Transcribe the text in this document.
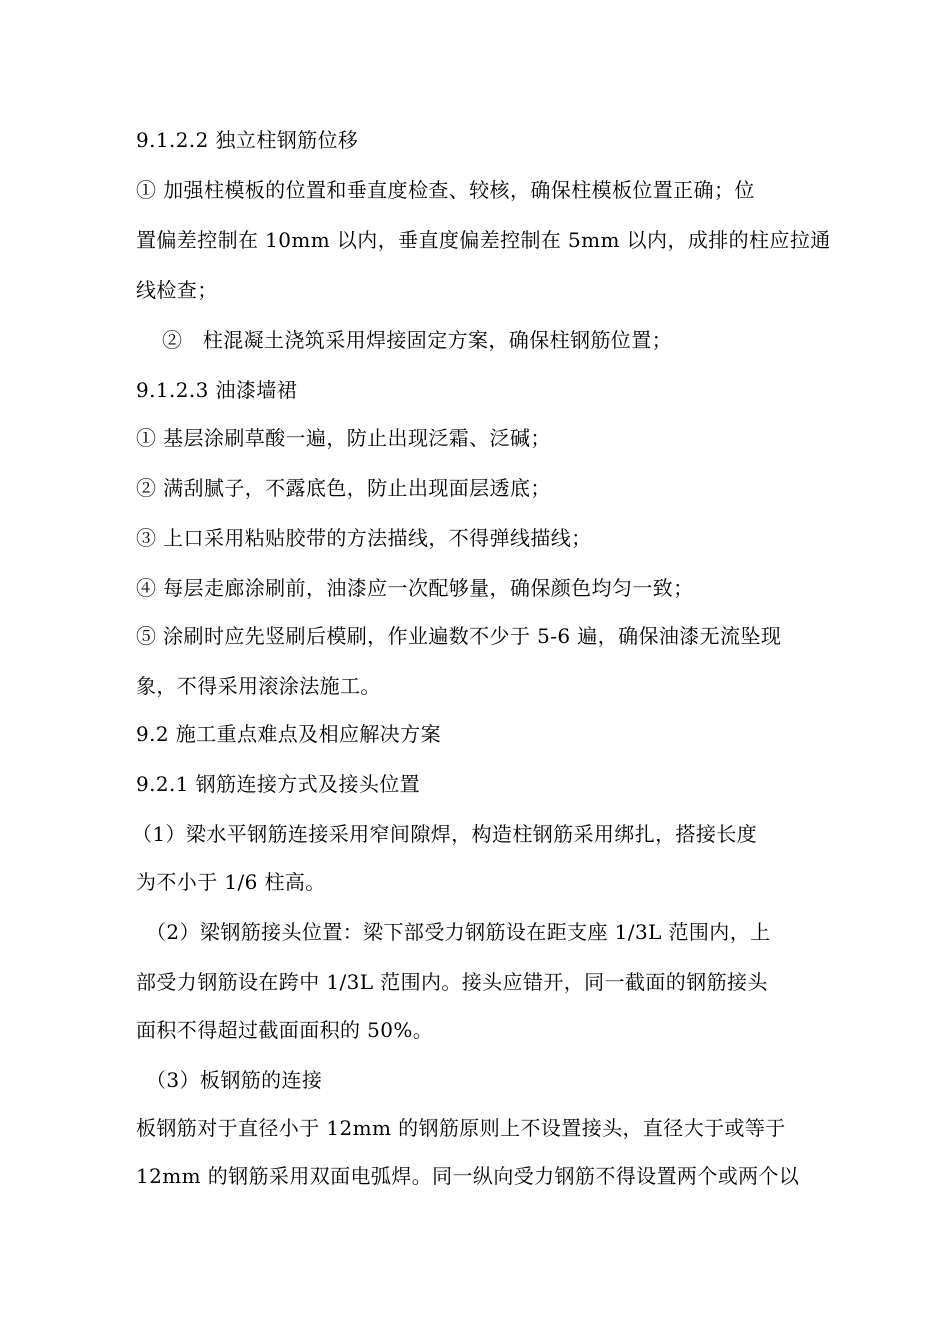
9.1.2.2 独立柱钢筋位移
① 加强柱模板的位置和垂直度检查、较核，确保柱模板位置正确；位
置偏差控制在 10mm 以内，垂直度偏差控制在 5mm 以内，成排的柱应拉通
线检查；
②　柱混凝土浇筑采用焊接固定方案，确保柱钢筋位置；
9.1.2.3 油漆墙裙
① 基层涂刷草酸一遍，防止出现泛霜、泛碱；
② 满刮腻子，不露底色，防止出现面层透底；
③ 上口采用粘贴胶带的方法描线，不得弹线描线；
④ 每层走廊涂刷前，油漆应一次配够量，确保颜色均匀一致；
⑤ 涂刷时应先竖刷后模刷，作业遍数不少于 5-6 遍，确保油漆无流坠现
象，不得采用滚涂法施工。
9.2 施工重点难点及相应解决方案
9.2.1 钢筋连接方式及接头位置
（1）梁水平钢筋连接采用窄间隙焊，构造柱钢筋采用绑扎，搭接长度
为不小于 1/6 柱高。
（2）梁钢筋接头位置：梁下部受力钢筋设在距支座 1/3L 范围内，上
部受力钢筋设在跨中 1/3L 范围内。接头应错开，同一截面的钢筋接头
面积不得超过截面面积的 50%。
（3）板钢筋的连接
板钢筋对于直径小于 12mm 的钢筋原则上不设置接头，直径大于或等于
12mm 的钢筋采用双面电弧焊。同一纵向受力钢筋不得设置两个或两个以
